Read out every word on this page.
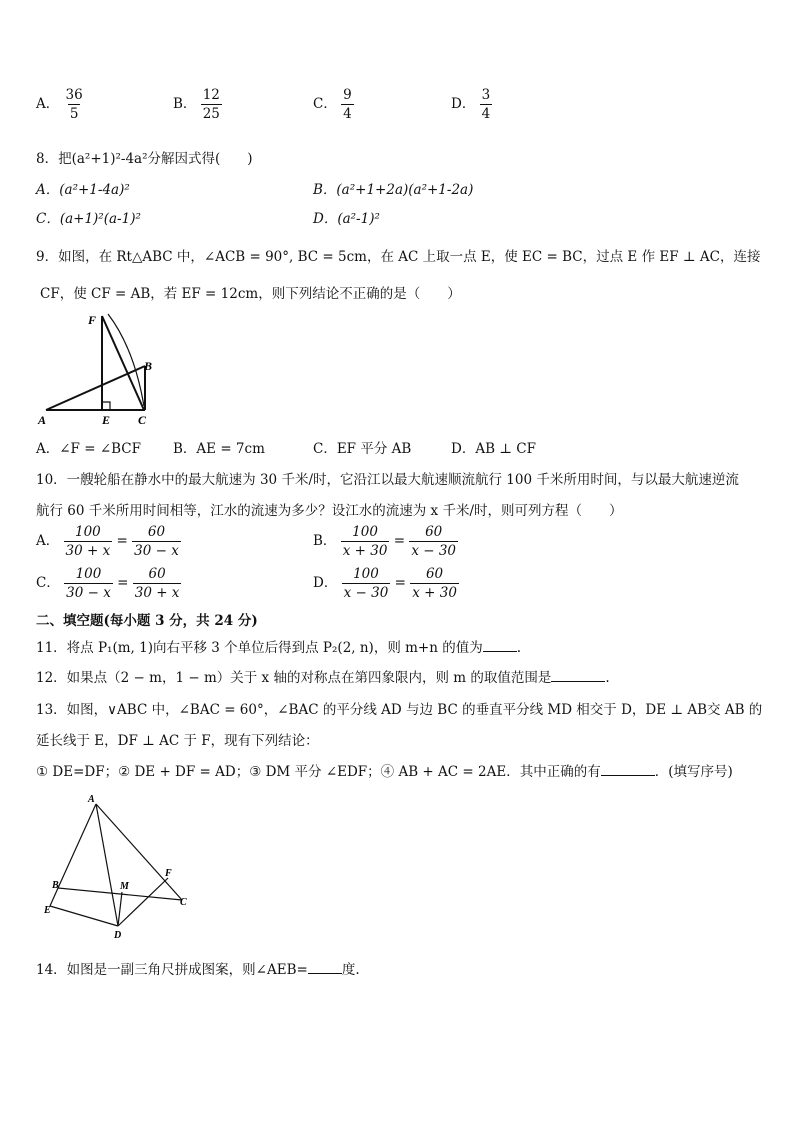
A． $\frac{36}{5}$	B． $\frac{12}{25}$	C． $\frac{9}{4}$	D． $\frac{3}{4}$
8．把(a²+1)²-4a²分解因式得(　　)
A．(a²+1-4a)²	B．(a²+1+2a)(a²+1-2a)
C．(a+1)²(a-1)²	D．(a²-1)²
9．如图，在 Rt△ABC 中，∠ACB = 90°, BC = 5cm，在 AC 上取一点 E，使 EC = BC，过点 E 作 EF ⊥ AC，连接
CF，使 CF = AB，若 EF = 12cm，则下列结论不正确的是（　　）
F
B
A	E C
A．∠F = ∠BCF B．AE = 7cm	C．EF 平分 AB	D．AB ⊥ CF
10．一艘轮船在静水中的最大航速为 30 千米/时，它沿江以最大航速顺流航行 100 千米所用时间，与以最大航速逆流
航行 60 千米所用时间相等，江水的流速为多少？设江水的流速为 x 千米/时，则可列方程（　　）
A． $\frac{100}{30 + x} = \frac{60}{30 - x}$	B． $\frac{100}{x + 30} = \frac{60}{x - 30}$
C． $\frac{100}{30 - x} = \frac{60}{30 + x}$	D． $\frac{100}{x - 30} = \frac{60}{x + 30}$
二、填空题(每小题 3 分，共 24 分)
11．将点 P₁(m, 1)向右平移 3 个单位后得到点 P₂(2, n)，则 m+n 的值为	.
12．如果点（2 − m，1 − m）关于 x 轴的对称点在第四象限内，则 m 的取值范围是	.
13．如图，∨ABC 中，∠BAC = 60°，∠BAC 的平分线 AD 与边 BC 的垂直平分线 MD 相交于 D，DE ⊥ AB交 AB 的
延长线于 E，DF ⊥ AC 于 F，现有下列结论：
① DE=DF；② DE + DF = AD；③ DM 平分 ∠EDF；④ AB + AC = 2AE．其中正确的有	．(填写序号)
A
B	M
F
C
E
D
14．如图是一副三角尺拼成图案，则∠AEB=	度.
